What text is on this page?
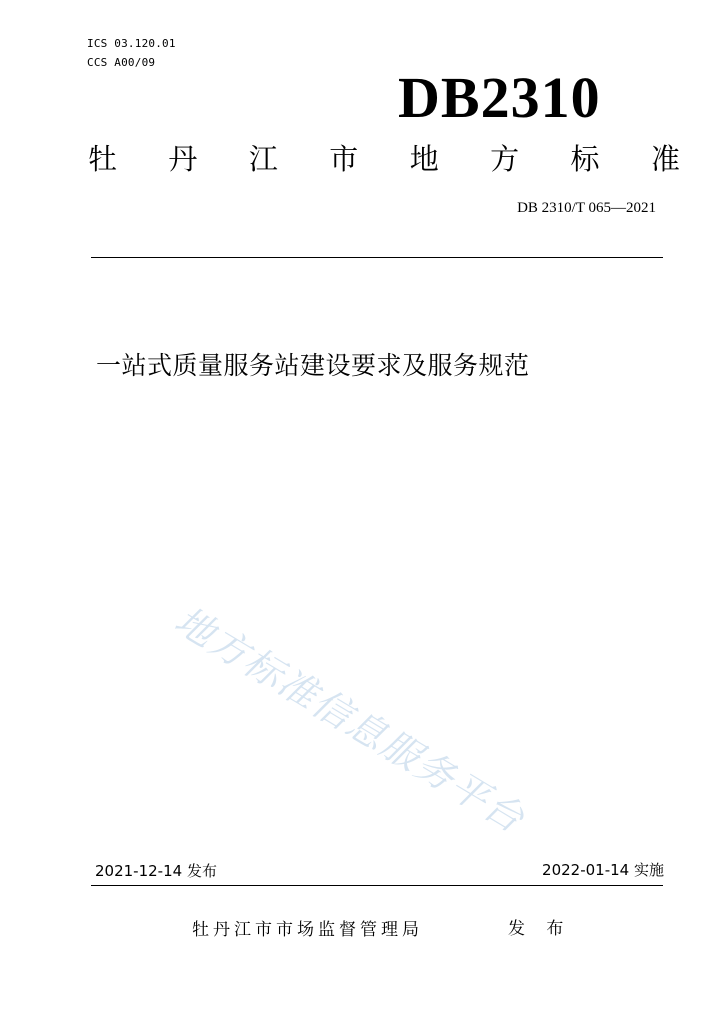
ICS 03.120.01
CCS A00/09
DB2310
牡 丹 江 市 地 方 标 准
DB 2310/T 065—2021
一站式质量服务站建设要求及服务规范
地方标准信息服务平台
2021-12-14 发布	2022-01-14 实施
牡丹江市市场监督管理局	发 布
